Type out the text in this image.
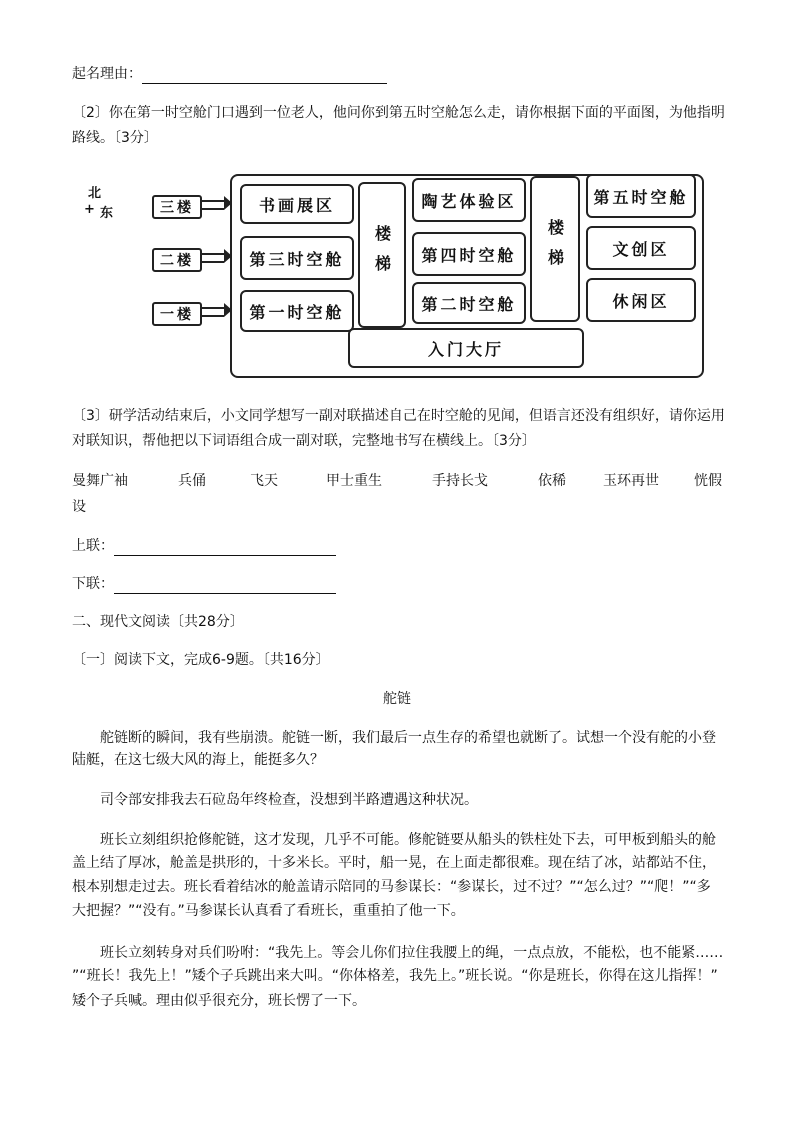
起名理由：
〔2〕你在第一时空舱门口遇到一位老人，他问你到第五时空舱怎么走，请你根据下面的平面图，为他指明
路线。〔3分〕
北
+ 东	三楼
二楼
一楼
书画展区
第三时空舱
第一时空舱
楼梯
陶艺体验区
第四时空舱
第二时空舱
楼梯
第五时空舱
文创区
休闲区
入门大厅
〔3〕研学活动结束后，小文同学想写一副对联描述自己在时空舱的见闻，但语言还没有组织好，请你运用
对联知识，帮他把以下词语组合成一副对联，完整地书写在横线上。〔3分〕
曼舞广袖	兵俑	飞天	甲士重生	手持长戈	依稀	玉环再世	恍假
设
上联：
下联：
二、现代文阅读〔共28分〕
〔一〕阅读下文，完成6-9题。〔共16分〕
舵链
舵链断的瞬间，我有些崩溃。舵链一断，我们最后一点生存的希望也就断了。试想一个没有舵的小登
陆艇，在这七级大风的海上，能挺多久？
司令部安排我去石砬岛年终检查，没想到半路遭遇这种状况。
班长立刻组织抢修舵链，这才发现，几乎不可能。修舵链要从船头的铁柱处下去，可甲板到船头的舱
盖上结了厚冰，舱盖是拱形的，十多米长。平时，船一晃，在上面走都很难。现在结了冰，站都站不住，
根本别想走过去。班长看着结冰的舱盖请示陪同的马参谋长：“参谋长，过不过？”“怎么过？”“爬！”“多
大把握？”“没有。”马参谋长认真看了看班长，重重拍了他一下。
班长立刻转身对兵们吩咐：“我先上。等会儿你们拉住我腰上的绳，一点点放，不能松，也不能紧……
”“班长！我先上！”矮个子兵跳出来大叫。“你体格差，我先上。”班长说。“你是班长，你得在这儿指挥！”
矮个子兵喊。理由似乎很充分，班长愣了一下。
